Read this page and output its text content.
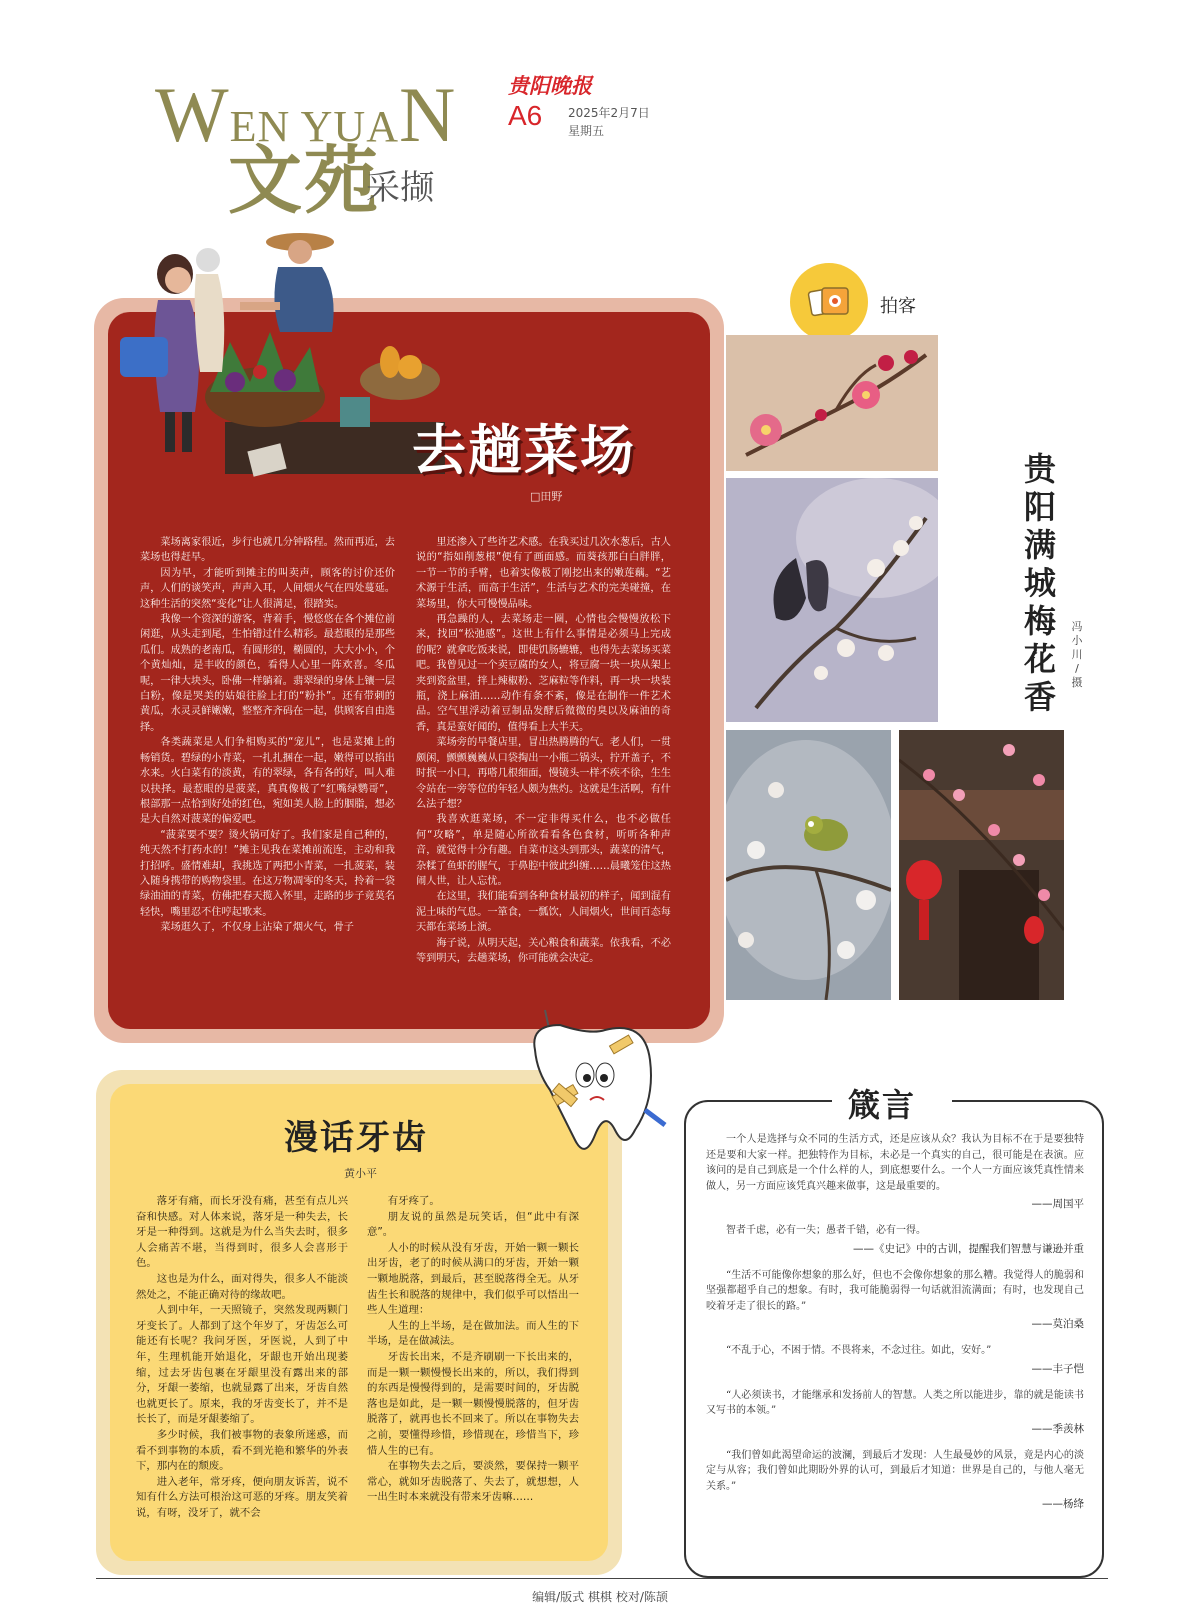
WEN YUAN
文苑
采撷
贵阳晚报
A6 2025年2月7日
星期五
去趟菜场
□田野

菜场离家很近，步行也就几分钟路程。然而再近，去菜场也得赶早。

因为早，才能听到摊主的叫卖声，顾客的讨价还价声，人们的谈笑声，声声入耳，人间烟火气在四处蔓延。这种生活的突然“变化”让人很满足，很踏实。

我像一个资深的游客，背着手，慢悠悠在各个摊位前闲逛，从头走到尾，生怕错过什么精彩。最惹眼的是那些瓜们。成熟的老南瓜，有圆形的，椭圆的，大大小小，个个黄灿灿，是丰收的颜色，看得人心里一阵欢喜。冬瓜呢，一律大块头，卧佛一样躺着。翡翠绿的身体上镶一层白粉，像是哭美的姑娘往脸上打的“粉扑”。还有带刺的黄瓜，水灵灵鲜嫩嫩，整整齐齐码在一起，供顾客自由选择。

各类蔬菜是人们争相购买的“宠儿”，也是菜摊上的畅销货。碧绿的小青菜，一扎扎捆在一起，嫩得可以掐出水来。火白菜有的淡黄，有的翠绿，各有各的好，叫人难以抉择。最惹眼的是菠菜，真真像极了“红嘴绿鹦哥”，根部那一点恰到好处的红色，宛如美人脸上的胭脂，想必是大自然对菠菜的偏爱吧。

“菠菜要不要？烫火锅可好了。我们家是自己种的，纯天然不打药水的！”摊主见我在菜摊前流连，主动和我打招呼。盛情难却，我挑选了两把小青菜，一扎菠菜，装入随身携带的购物袋里。在这万物凋零的冬天，拎着一袋绿油油的青菜，仿佛把春天揽入怀里，走路的步子竟莫名轻快，嘴里忍不住哼起歌来。

菜场逛久了，不仅身上沾染了烟火气，骨子

里还渗入了些许艺术感。在我买过几次水葱后，古人说的“指如削葱根”便有了画面感。而葵孩那白白胖胖，一节一节的手臂，也着实像极了刚挖出来的嫩莲藕。“艺术源于生活，而高于生活”，生活与艺术的完美碰撞，在菜场里，你大可慢慢品味。

再急躁的人，去菜场走一圈，心情也会慢慢放松下来，找回“松弛感”。这世上有什么事情是必须马上完成的呢？就拿吃饭来说，即使饥肠辘辘，也得先去菜场买菜吧。我曾见过一个卖豆腐的女人，将豆腐一块一块从架上夹到瓷盆里，拌上辣椒粉、芝麻粒等作料，再一块一块装瓶，浇上麻油……动作有条不紊，像是在制作一件艺术品。空气里浮动着豆制品发酵后微微的臭以及麻油的奇香，真是蛮好闻的，值得看上大半天。

菜场旁的早餐店里，冒出热腾腾的气。老人们，一贯颇闲，颤颤巍巍从口袋掏出一小瓶二锅头，拧开盖子，不时抿一小口，再嗒几根细面，慢镜头一样不疾不徐，生生令站在一旁等位的年轻人颇为焦灼。这就是生活啊，有什么法子想？

我喜欢逛菜场，不一定非得买什么，也不必做任何“攻略”，单是随心所欲看看各色食材，听听各种声音，就觉得十分有趣。自菜市这头到那头，蔬菜的清气，杂糅了鱼虾的腥气，于鼻腔中彼此纠缠……晨曦笼住这热闹人世，让人忘忧。

在这里，我们能看到各种食材最初的样子，闻到混有泥土味的气息。一箪食，一瓢饮，人间烟火，世间百态每天都在菜场上演。

海子说，从明天起，关心粮食和蔬菜。依我看，不必等到明天，去趟菜场，你可能就会决定。

拍客
贵
阳
满
城
梅
花
香
冯
小
川
/
摄
漫话牙齿
黄小平

落牙有痛，而长牙没有痛，甚至有点儿兴奋和快感。对人体来说，落牙是一种失去，长牙是一种得到。这就是为什么当失去时，很多人会痛苦不堪，当得到时，很多人会喜形于色。

这也是为什么，面对得失，很多人不能淡然处之，不能正确对待的缘故吧。

人到中年，一天照镜子，突然发现两颗门牙变长了。人都到了这个年岁了，牙齿怎么可能还有长呢？我问牙医，牙医说，人到了中年，生理机能开始退化，牙龈也开始出现萎缩，过去牙齿包裹在牙龈里没有露出来的部分，牙龈一萎缩，也就显露了出来，牙齿自然也就更长了。原来，我的牙齿变长了，并不是长长了，而是牙龈萎缩了。

多少时候，我们被事物的表象所迷惑，而看不到事物的本质，看不到光艳和繁华的外表下，那内在的颓废。

进入老年，常牙疼，便向朋友诉苦，说不知有什么方法可根治这可恶的牙疼。朋友笑着说，有呀，没牙了，就不会

有牙疼了。

朋友说的虽然是玩笑话，但“此中有深意”。

人小的时候从没有牙齿，开始一颗一颗长出牙齿，老了的时候从满口的牙齿，开始一颗一颗地脱落，到最后，甚至脱落得全无。从牙齿生长和脱落的规律中，我们似乎可以悟出一些人生道理：

人生的上半场，是在做加法。而人生的下半场，是在做减法。

牙齿长出来，不是齐刷刷一下长出来的，而是一颗一颗慢慢长出来的，所以，我们得到的东西是慢慢得到的，是需要时间的，牙齿脱落也是如此，是一颗一颗慢慢脱落的，但牙齿脱落了，就再也长不回来了。所以在事物失去之前，要懂得珍惜，珍惜现在，珍惜当下，珍惜人生的已有。

在事物失去之后，要淡然，要保持一颗平常心，就如牙齿脱落了、失去了，就想想，人一出生时本来就没有带来牙齿嘛……

箴言
一个人是选择与众不同的生活方式，还是应该从众？我认为目标不在于是要独特还是要和大家一样。把独特作为目标，未必是一个真实的自己，很可能是在表演。应该问的是自己到底是一个什么样的人，到底想要什么。一个人一方面应该凭真性情来做人，另一方面应该凭真兴趣来做事，这是最重要的。
——周国平
智者千虑，必有一失；愚者千错，必有一得。
——《史记》中的古训，提醒我们智慧与谦逊并重
“生活不可能像你想象的那么好，但也不会像你想象的那么糟。我觉得人的脆弱和坚强都超乎自己的想象。有时，我可能脆弱得一句话就泪流满面；有时，也发现自己咬着牙走了很长的路。”
——莫泊桑
“不乱于心，不困于情。不畏将来，不念过往。如此，安好。”
——丰子恺
“人必须读书，才能继承和发扬前人的智慧。人类之所以能进步，靠的就是能读书又写书的本领。”
——季羡林
“我们曾如此渴望命运的波澜，到最后才发现：人生最曼妙的风景，竟是内心的淡定与从容；我们曾如此期盼外界的认可，到最后才知道：世界是自己的，与他人毫无关系。”
——杨绛
编辑/版式 棋棋 校对/陈颉
